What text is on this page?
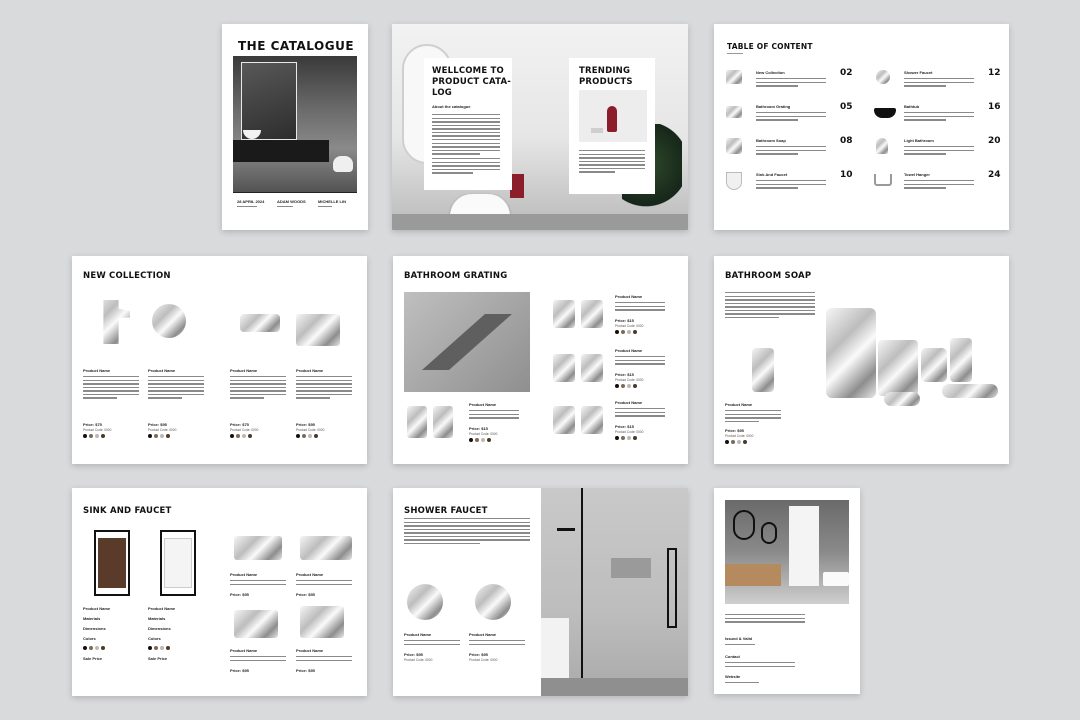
THE CATALOGUE
28 APRIL 2024	ADAM WOODS	MICHELLE LIN
WELLCOME TO
PRODUCT CATA-
LOG
About the catalogue
TRENDING
PRODUCTS
TABLE OF CONTENT
New Collection	02
Bathroom Grating	05
Bathroom Soap	08
Sink And Faucet	10
Shower Faucet	12
Bathtub	16
Light Bathroom	20
Towel Hanger	24
NEW COLLECTION
Product Name
Price: $75
Product Code: 0000
Product Name
Price: $95
Product Code: 0000
Product Name
Price: $75
Product Code: 0000
Product Name
Price: $95
Product Code: 0000
BATHROOM GRATING
Product Name
Price: $15
Product Code: 0000
Product Name
Price: $15
Product Code: 0000
Product Name
Price: $15
Product Code: 0000
Product Name
Price: $15
Product Code: 0000
BATHROOM SOAP
Product Name
Price: $95
Product Code: 0000
SINK AND FAUCET
Product Name
Materials
Dimensions
Colors
Sale Price
Product Name
Materials
Dimensions
Colors
Sale Price
Product Name
Price: $95
Product Name
Price: $95
Product Name
Price: $95
Product Name
Price: $95
SHOWER FAUCET
Product Name
Price: $95
Product Code: 0000
Product Name
Price: $95
Product Code: 0000
Issued & Valid
Contact
Website
